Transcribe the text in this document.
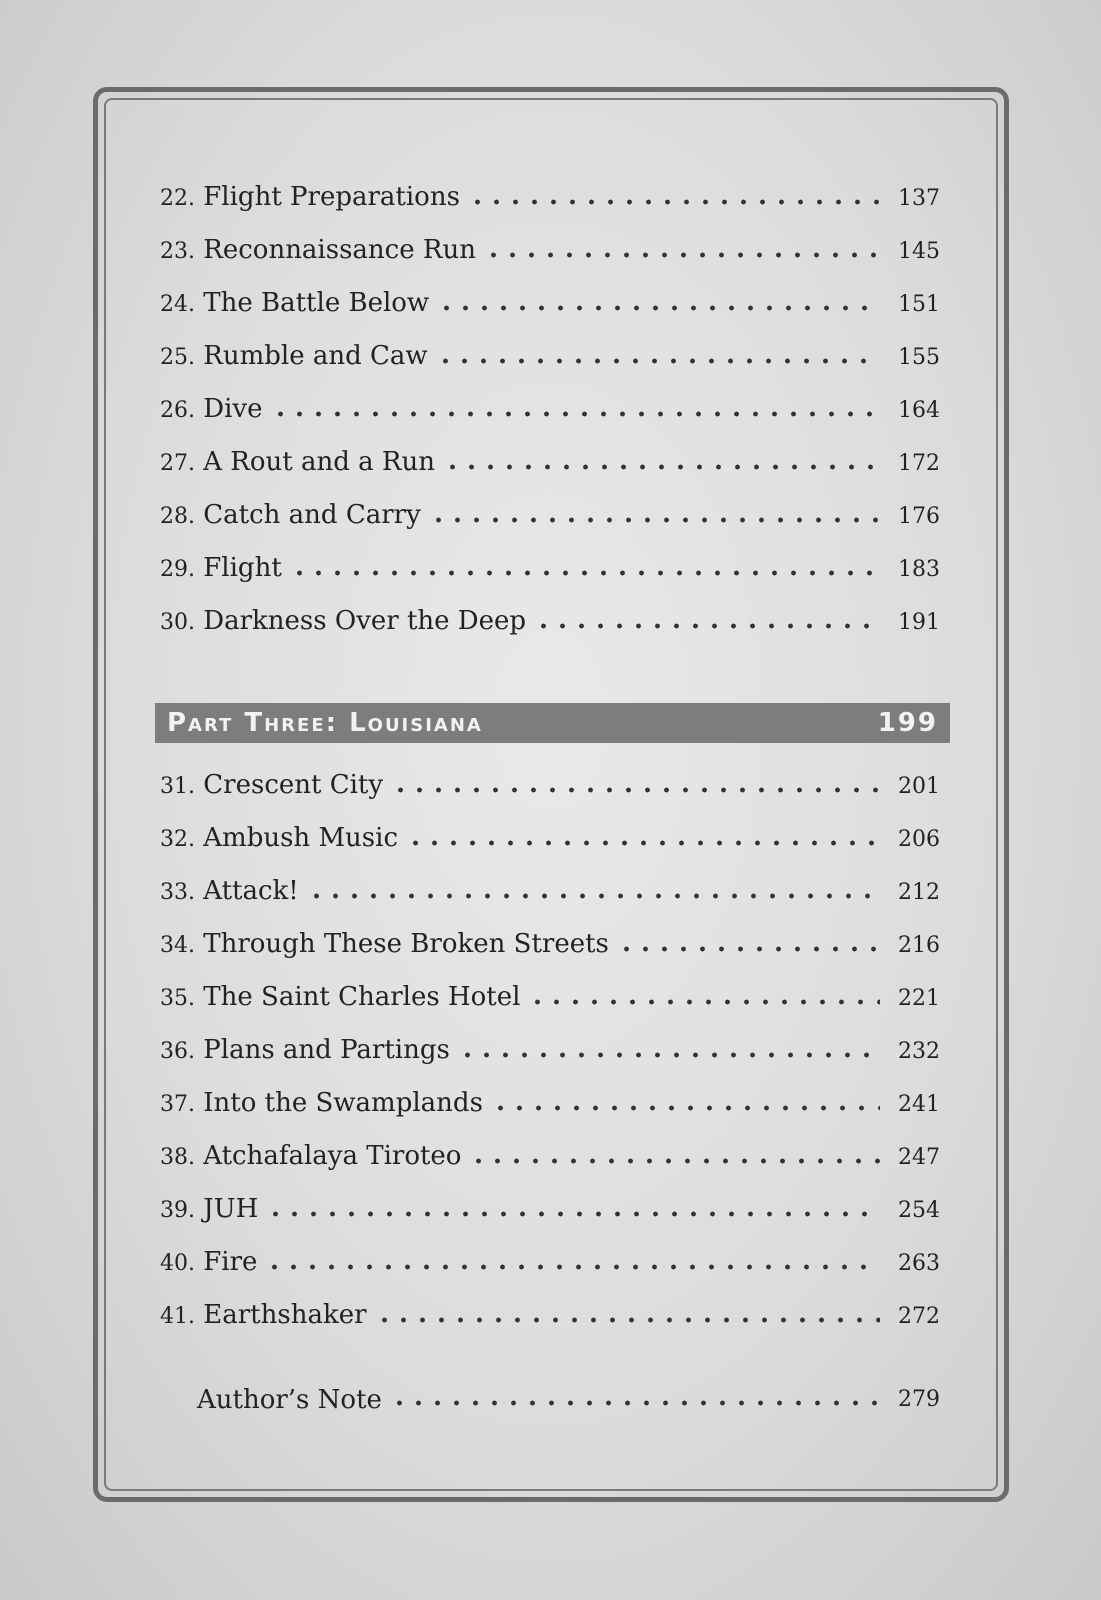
22. Flight Preparations	137
23. Reconnaissance Run	145
24. The Battle Below	151
25. Rumble and Caw	155
26. Dive	164
27. A Rout and a Run	172
28. Catch and Carry	176
29. Flight	183
30. Darkness Over the Deep	191
Part Three: Louisiana	199
31. Crescent City	201
32. Ambush Music	206
33. Attack!	212
34. Through These Broken Streets	216
35. The Saint Charles Hotel	221
36. Plans and Partings	232
37. Into the Swamplands	241
38. Atchafalaya Tiroteo	247
39. JUH	254
40. Fire	263
41. Earthshaker	272
Author’s Note	279
